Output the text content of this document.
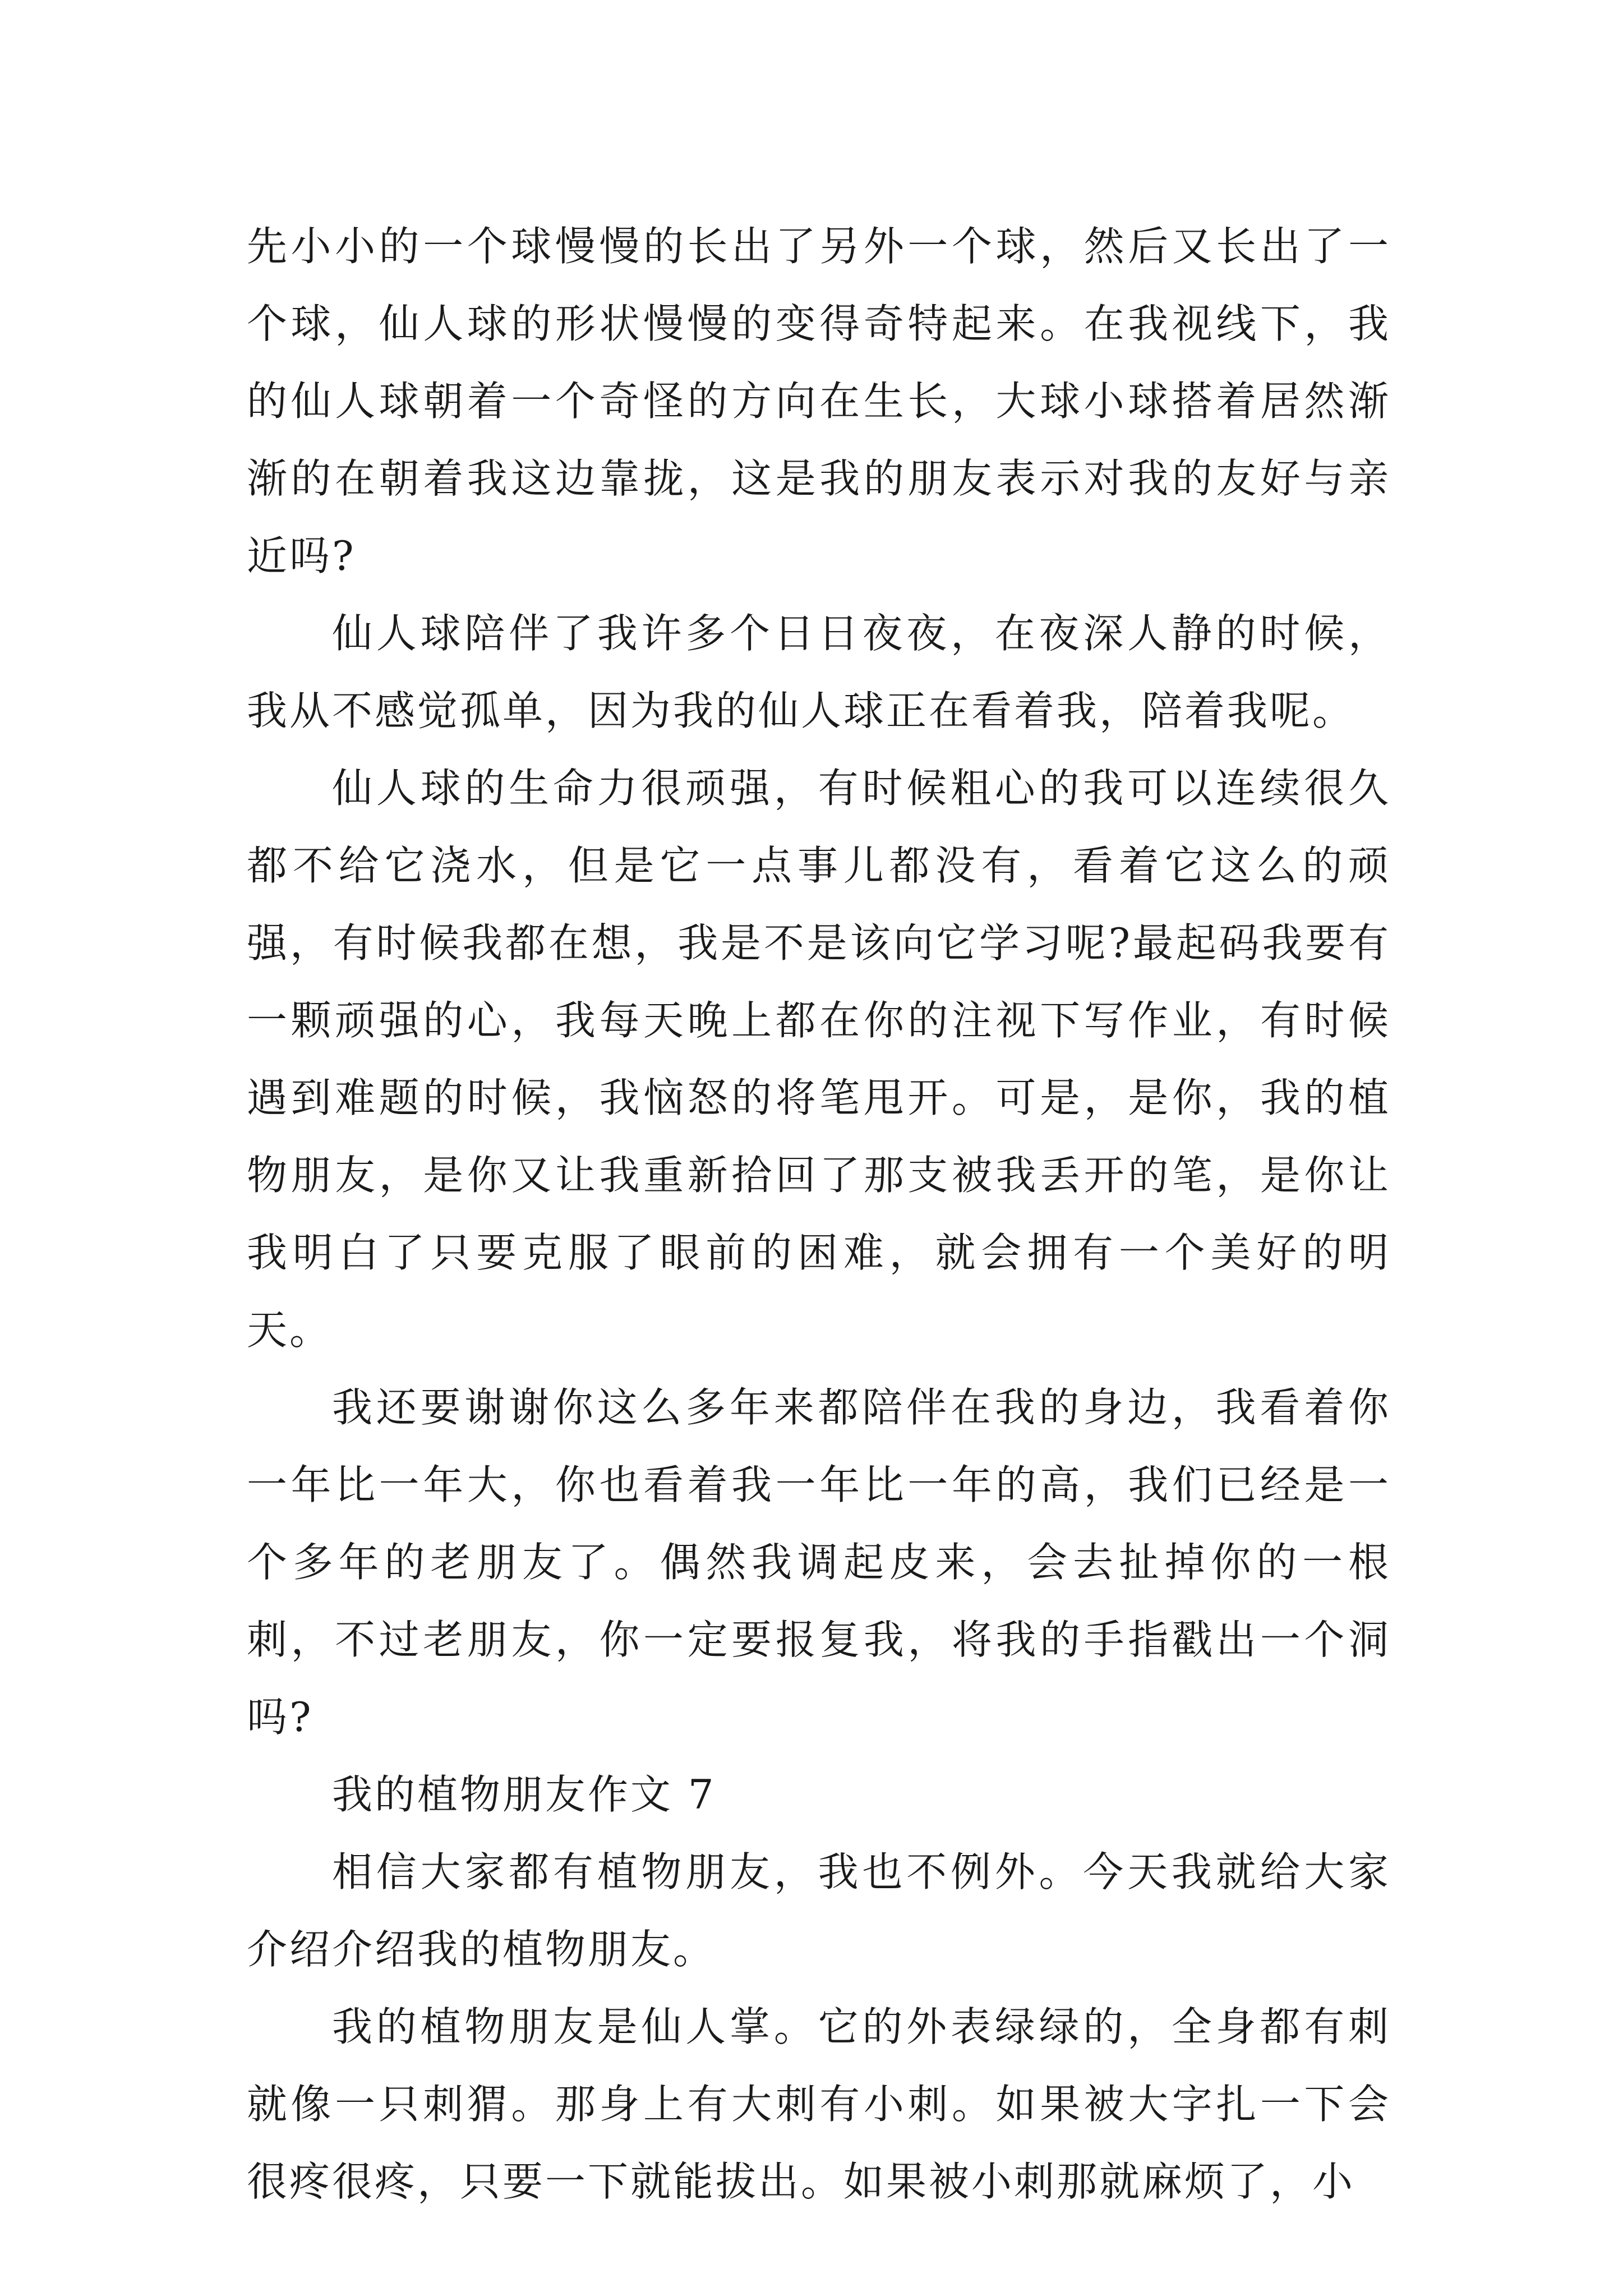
先小小的一个球慢慢的长出了另外一个球，然后又长出了一个球，仙人球的形状慢慢的变得奇特起来。在我视线下，我的仙人球朝着一个奇怪的方向在生长，大球小球搭着居然渐渐的在朝着我这边靠拢，这是我的朋友表示对我的友好与亲近吗?

仙人球陪伴了我许多个日日夜夜，在夜深人静的时候，我从不感觉孤单，因为我的仙人球正在看着我，陪着我呢。

仙人球的生命力很顽强，有时候粗心的我可以连续很久都不给它浇水，但是它一点事儿都没有，看着它这么的顽强，有时候我都在想，我是不是该向它学习呢?最起码我要有一颗顽强的心，我每天晚上都在你的注视下写作业，有时候遇到难题的时候，我恼怒的将笔甩开。可是，是你，我的植物朋友，是你又让我重新拾回了那支被我丢开的笔，是你让我明白了只要克服了眼前的困难，就会拥有一个美好的明天。

我还要谢谢你这么多年来都陪伴在我的身边，我看着你一年比一年大，你也看着我一年比一年的高，我们已经是一个多年的老朋友了。偶然我调起皮来，会去扯掉你的一根刺，不过老朋友，你一定要报复我，将我的手指戳出一个洞吗?

我的植物朋友作文 7

相信大家都有植物朋友，我也不例外。今天我就给大家介绍介绍我的植物朋友。

我的植物朋友是仙人掌。它的外表绿绿的，全身都有刺就像一只刺猬。那身上有大刺有小刺。如果被大字扎一下会很疼很疼，只要一下就能拔出。如果被小刺那就麻烦了，小
